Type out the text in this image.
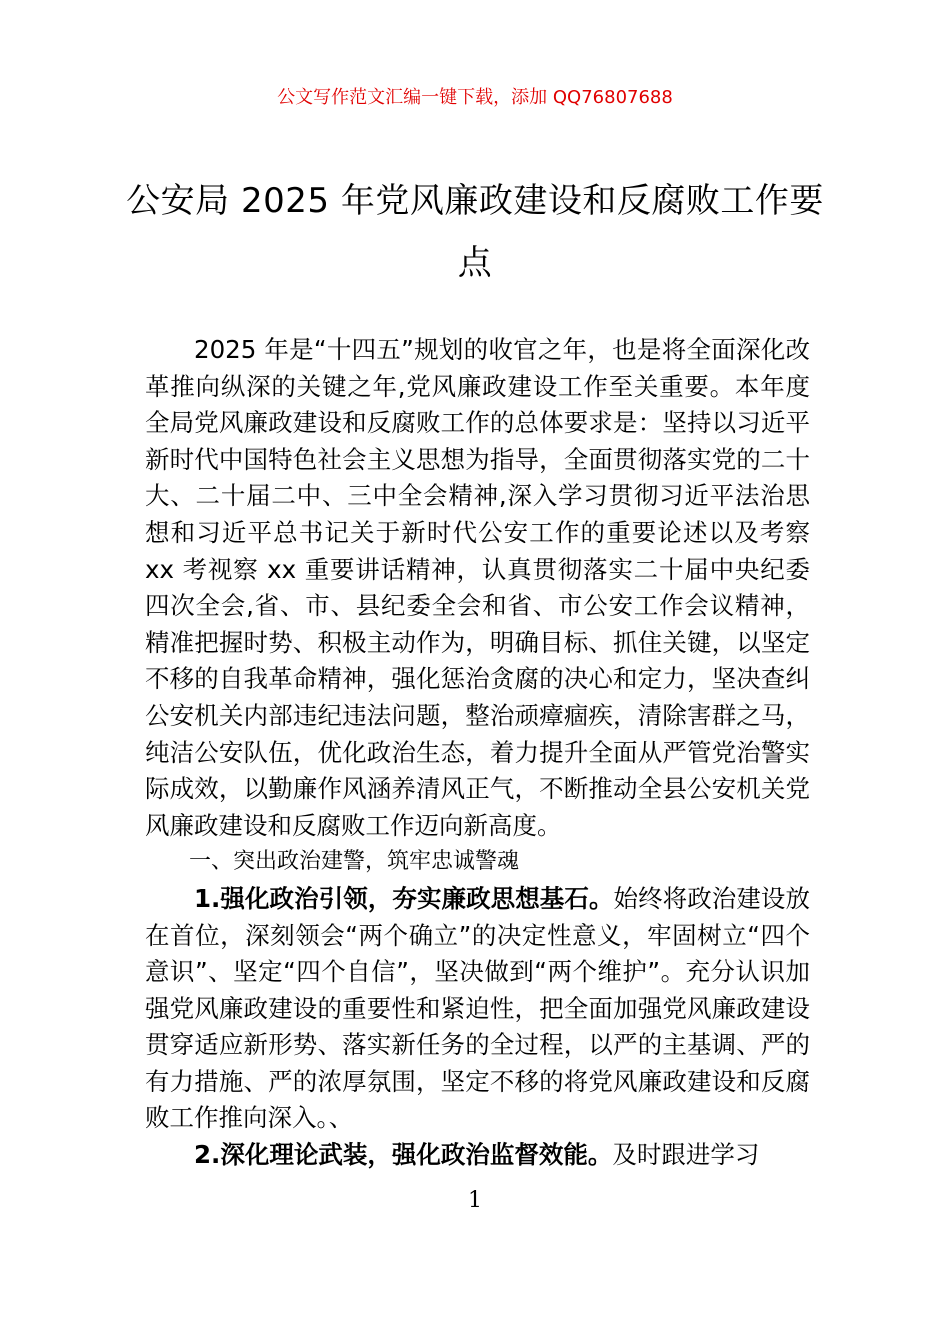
公文写作范文汇编一键下载，添加 QQ76807688
公安局 2025 年党风廉政建设和反腐败工作要点

2025 年是“十四五”规划的收官之年，也是将全面深化改革推向纵深的关键之年,党风廉政建设工作至关重要。本年度全局党风廉政建设和反腐败工作的总体要求是：坚持以习近平新时代中国特色社会主义思想为指导，全面贯彻落实党的二十大、二十届二中、三中全会精神,深入学习贯彻习近平法治思想和习近平总书记关于新时代公安工作的重要论述以及考察 xx 考视察 xx 重要讲话精神，认真贯彻落实二十届中央纪委四次全会,省、市、县纪委全会和省、市公安工作会议精神，精准把握时势、积极主动作为，明确目标、抓住关键，以坚定不移的自我革命精神，强化惩治贪腐的决心和定力，坚决查纠公安机关内部违纪违法问题，整治顽瘴痼疾，清除害群之马，纯洁公安队伍，优化政治生态，着力提升全面从严管党治警实际成效，以勤廉作风涵养清风正气，不断推动全县公安机关党风廉政建设和反腐败工作迈向新高度。

一、突出政治建警，筑牢忠诚警魂

1.强化政治引领，夯实廉政思想基石。始终将政治建设放在首位，深刻领会“两个确立”的决定性意义，牢固树立“四个意识”、坚定“四个自信”，坚决做到“两个维护”。充分认识加强党风廉政建设的重要性和紧迫性，把全面加强党风廉政建设贯穿适应新形势、落实新任务的全过程，以严的主基调、严的有力措施、严的浓厚氛围，坚定不移的将党风廉政建设和反腐败工作推向深入。、

2.深化理论武装，强化政治监督效能。及时跟进学习

1
